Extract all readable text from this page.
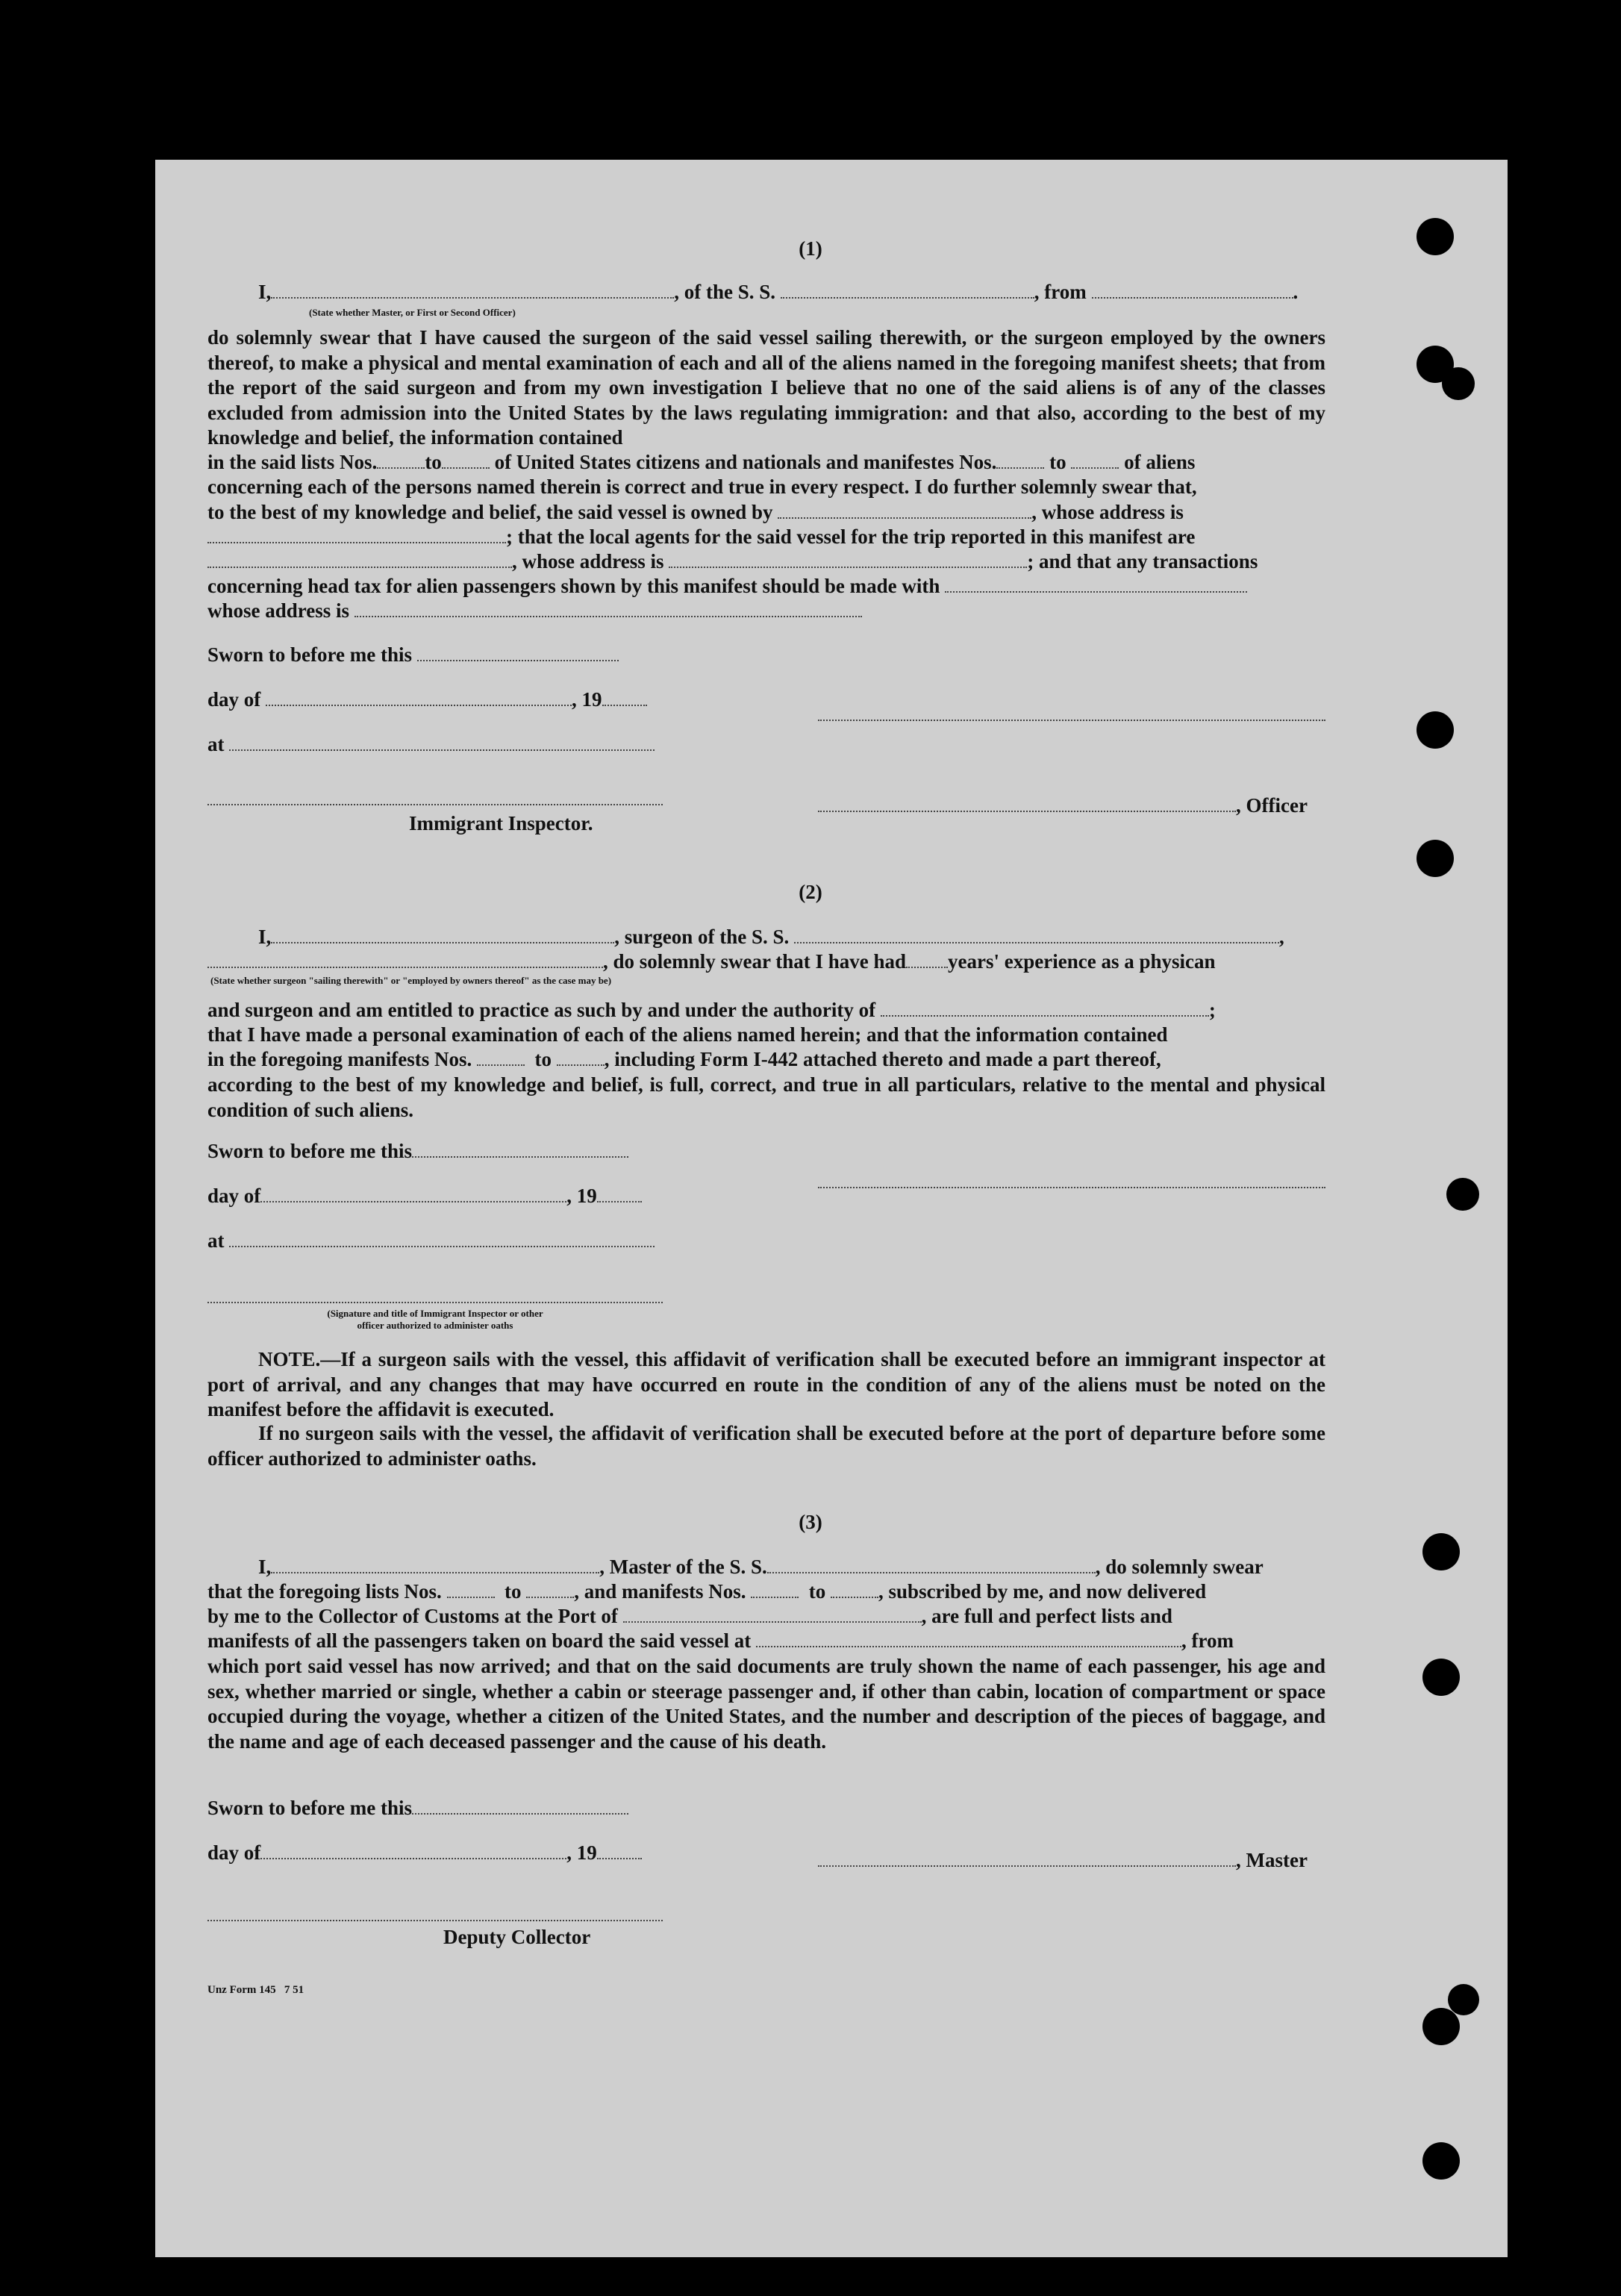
(1)
I,	, of the S. S.	, from	.
(State whether Master, or First or Second Officer)
do solemnly swear that I have caused the surgeon of the said vessel sailing therewith, or the surgeon employed by the owners thereof, to make a physical and mental examination of each and all of the aliens named in the foregoing manifest sheets; that from the report of the said surgeon and from my own investigation I believe that no one of the said aliens is of any of the classes excluded from admission into the United States by the laws regulating immigration: and that also, according to the best of my knowledge and belief, the information contained
in the said lists Nos. to	of United States citizens and nationals and manifestes Nos.	to	of aliens
concerning each of the persons named therein is correct and true in every respect. I do further solemnly swear that,
to the best of my knowledge and belief, the said vessel is owned by	, whose address is
; that the local agents for the said vessel for the trip reported in this manifest are
, whose address is	; and that any transactions
concerning head tax for alien passengers shown by this manifest should be made with
whose address is
Sworn to before me this
day of	, 19
at
, Officer
Immigrant Inspector.
(2)
I,	, surgeon of the S. S.	,
, do solemnly swear that I have had years' experience as a physican
(State whether surgeon "sailing therewith" or "employed by owners thereof" as the case may be)
and surgeon and am entitled to practice as such by and under the authority of	;
that I have made a personal examination of each of the aliens named herein; and that the information contained
in the foregoing manifests Nos.	to	, including Form I-442 attached thereto and made a part thereof,
according to the best of my knowledge and belief, is full, correct, and true in all particulars, relative to the mental and physical condition of such aliens.
Sworn to before me this
day of	, 19
at
(Signature and title of Immigrant Inspector or other
officer authorized to administer oaths
NOTE.—If a surgeon sails with the vessel, this affidavit of verification shall be executed before an immigrant inspector at port of arrival, and any changes that may have occurred en route in the condition of any of the aliens must be noted on the manifest before the affidavit is executed.
If no surgeon sails with the vessel, the affidavit of verification shall be executed before at the port of departure before some officer authorized to administer oaths.
(3)
I,	, Master of the S. S.	, do solemnly swear
that the foregoing lists Nos.	to	, and manifests Nos.	to	, subscribed by me, and now delivered
by me to the Collector of Customs at the Port of	, are full and perfect lists and
manifests of all the passengers taken on board the said vessel at	, from
which port said vessel has now arrived; and that on the said documents are truly shown the name of each passenger, his age and sex, whether married or single, whether a cabin or steerage passenger and, if other than cabin, location of compartment or space occupied during the voyage, whether a citizen of the United States, and the number and description of the pieces of baggage, and the name and age of each deceased passenger and the cause of his death.
Sworn to before me this
day of	, 19	, Master
Deputy Collector
Unz Form 145   7 51
